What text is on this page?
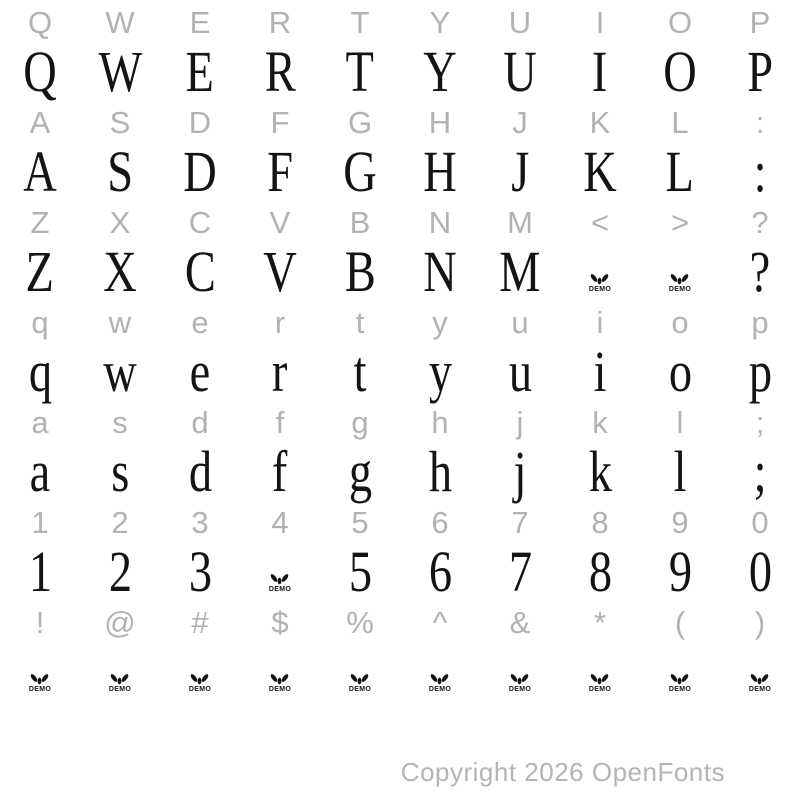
Q	W	E	R	T	Y	U	I	O	P
Q W E R T Y U I O P
A	S	D	F	G	H	J	K	L	:
A S D F G H J K L	:
Z	X	C	V	B	N	M	<	>	?
Z X C V B N M	DEMO	DEMO	?
q	w	e	r	t	y	u	i	o	p
q w e	r	t	y u	i	o p
a	s	d	f	g	h	j	k	l	;
a	s	d	f	g h	j	k	l	;
1	2	3	4	5	6	7	8	9	0
1 2 3	DEMO 5 6 7 8 9 0
!	@	#	$	%	^	&	*	(	)
DEMO	DEMO	DEMO	DEMO	DEMO	DEMO	DEMO	DEMO	DEMO	DEMO
Copyright 2026 OpenFonts
